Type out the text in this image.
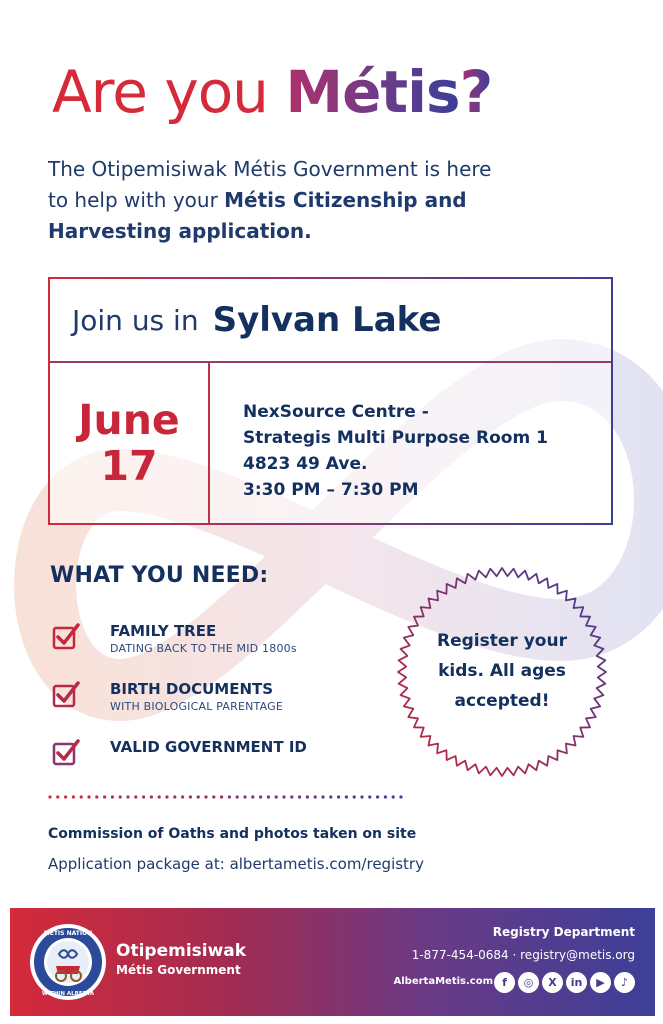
Are you Métis?
The Otipemisiwak Métis Government is here
to help with your Métis Citizenship and
Harvesting application.
Join us in Sylvan Lake
June
17
NexSource Centre -
Strategis Multi Purpose Room 1
4823 49 Ave.
3:30 PM – 7:30 PM
WHAT YOU NEED:
FAMILY TREE
DATING BACK TO THE MID 1800s
BIRTH DOCUMENTS
WITH BIOLOGICAL PARENTAGE
VALID GOVERNMENT ID
Register your
kids. All ages
accepted!
Commission of Oaths and photos taken on site
Application package at: albertametis.com/registry
MÉTIS NATION
WITHIN ALBERTA
Otipemisiwak
Métis Government
Registry Department
1-877-454-0684 · registry@metis.org
AlbertaMetis.com f	◎	X	in	▶	♪
